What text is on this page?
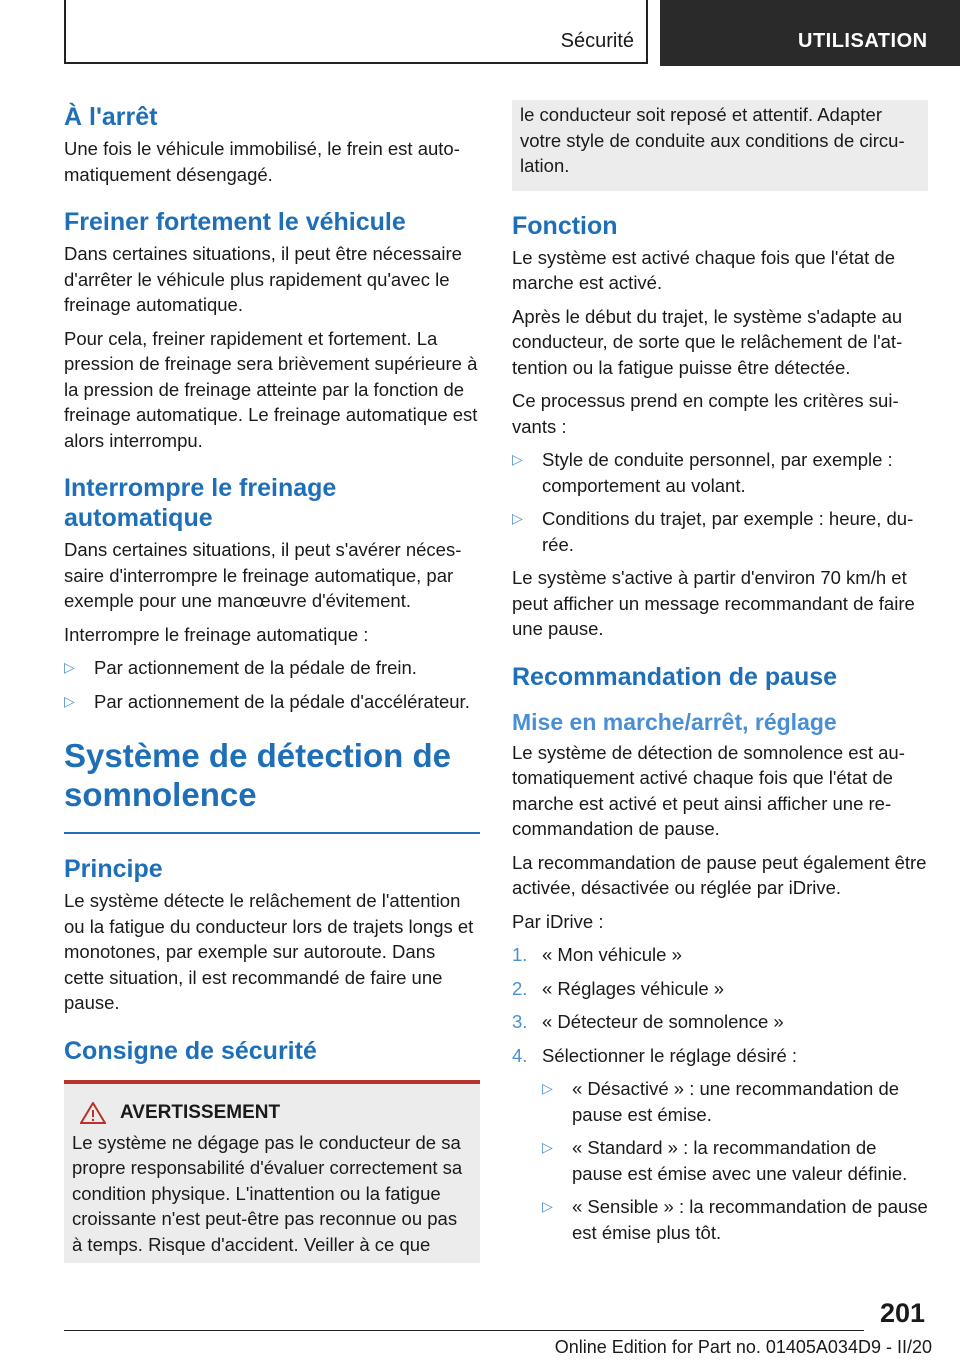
Sécurité	UTILISATION
À l'arrêt

Une fois le véhicule immobilisé, le frein est automatiquement désengagé.

Freiner fortement le véhicule

Dans certaines situations, il peut être nécessaire d'arrêter le véhicule plus rapidement qu'avec le freinage automatique.

Pour cela, freiner rapidement et fortement. La pression de freinage sera brièvement supérieure à la pression de freinage atteinte par la fonction de freinage automatique. Le freinage automatique est alors interrompu.

Interrompre le freinage automatique

Dans certaines situations, il peut s'avérer nécessaire d'interrompre le freinage automatique, par exemple pour une manœuvre d'évitement.

Interrompre le freinage automatique :

▷ Par actionnement de la pédale de frein.
▷ Par actionnement de la pédale d'accélérateur.
Système de détection de somnolence
Principe

Le système détecte le relâchement de l'attention ou la fatigue du conducteur lors de trajets longs et monotones, par exemple sur autoroute. Dans cette situation, il est recommandé de faire une pause.

Consigne de sécurité
AVERTISSEMENT

Le système ne dégage pas le conducteur de sa propre responsabilité d'évaluer correctement sa condition physique. L'inattention ou la fatigue croissante n'est peut-être pas reconnue ou pas à temps. Risque d'accident. Veiller à ce que

le conducteur soit reposé et attentif. Adapter votre style de conduite aux conditions de circulation.

Fonction

Le système est activé chaque fois que l'état de marche est activé.

Après le début du trajet, le système s'adapte au conducteur, de sorte que le relâchement de l'attention ou la fatigue puisse être détectée.

Ce processus prend en compte les critères suivants :

▷ Style de conduite personnel, par exemple : comportement au volant.
▷ Conditions du trajet, par exemple : heure, durée.

Le système s'active à partir d'environ 70 km/h et peut afficher un message recommandant de faire une pause.

Recommandation de pause
Mise en marche/arrêt, réglage

Le système de détection de somnolence est automatiquement activé chaque fois que l'état de marche est activé et peut ainsi afficher une recommandation de pause.

La recommandation de pause peut également être activée, désactivée ou réglée par iDrive.

Par iDrive :

1. « Mon véhicule »
2. « Réglages véhicule »
3. « Détecteur de somnolence »
4. Sélectionner le réglage désiré :
▷ « Désactivé » : une recommandation de pause est émise.
▷ « Standard » : la recommandation de pause est émise avec une valeur définie.
▷ « Sensible » : la recommandation de pause est émise plus tôt.
201
Online Edition for Part no. 01405A034D9 - II/20
